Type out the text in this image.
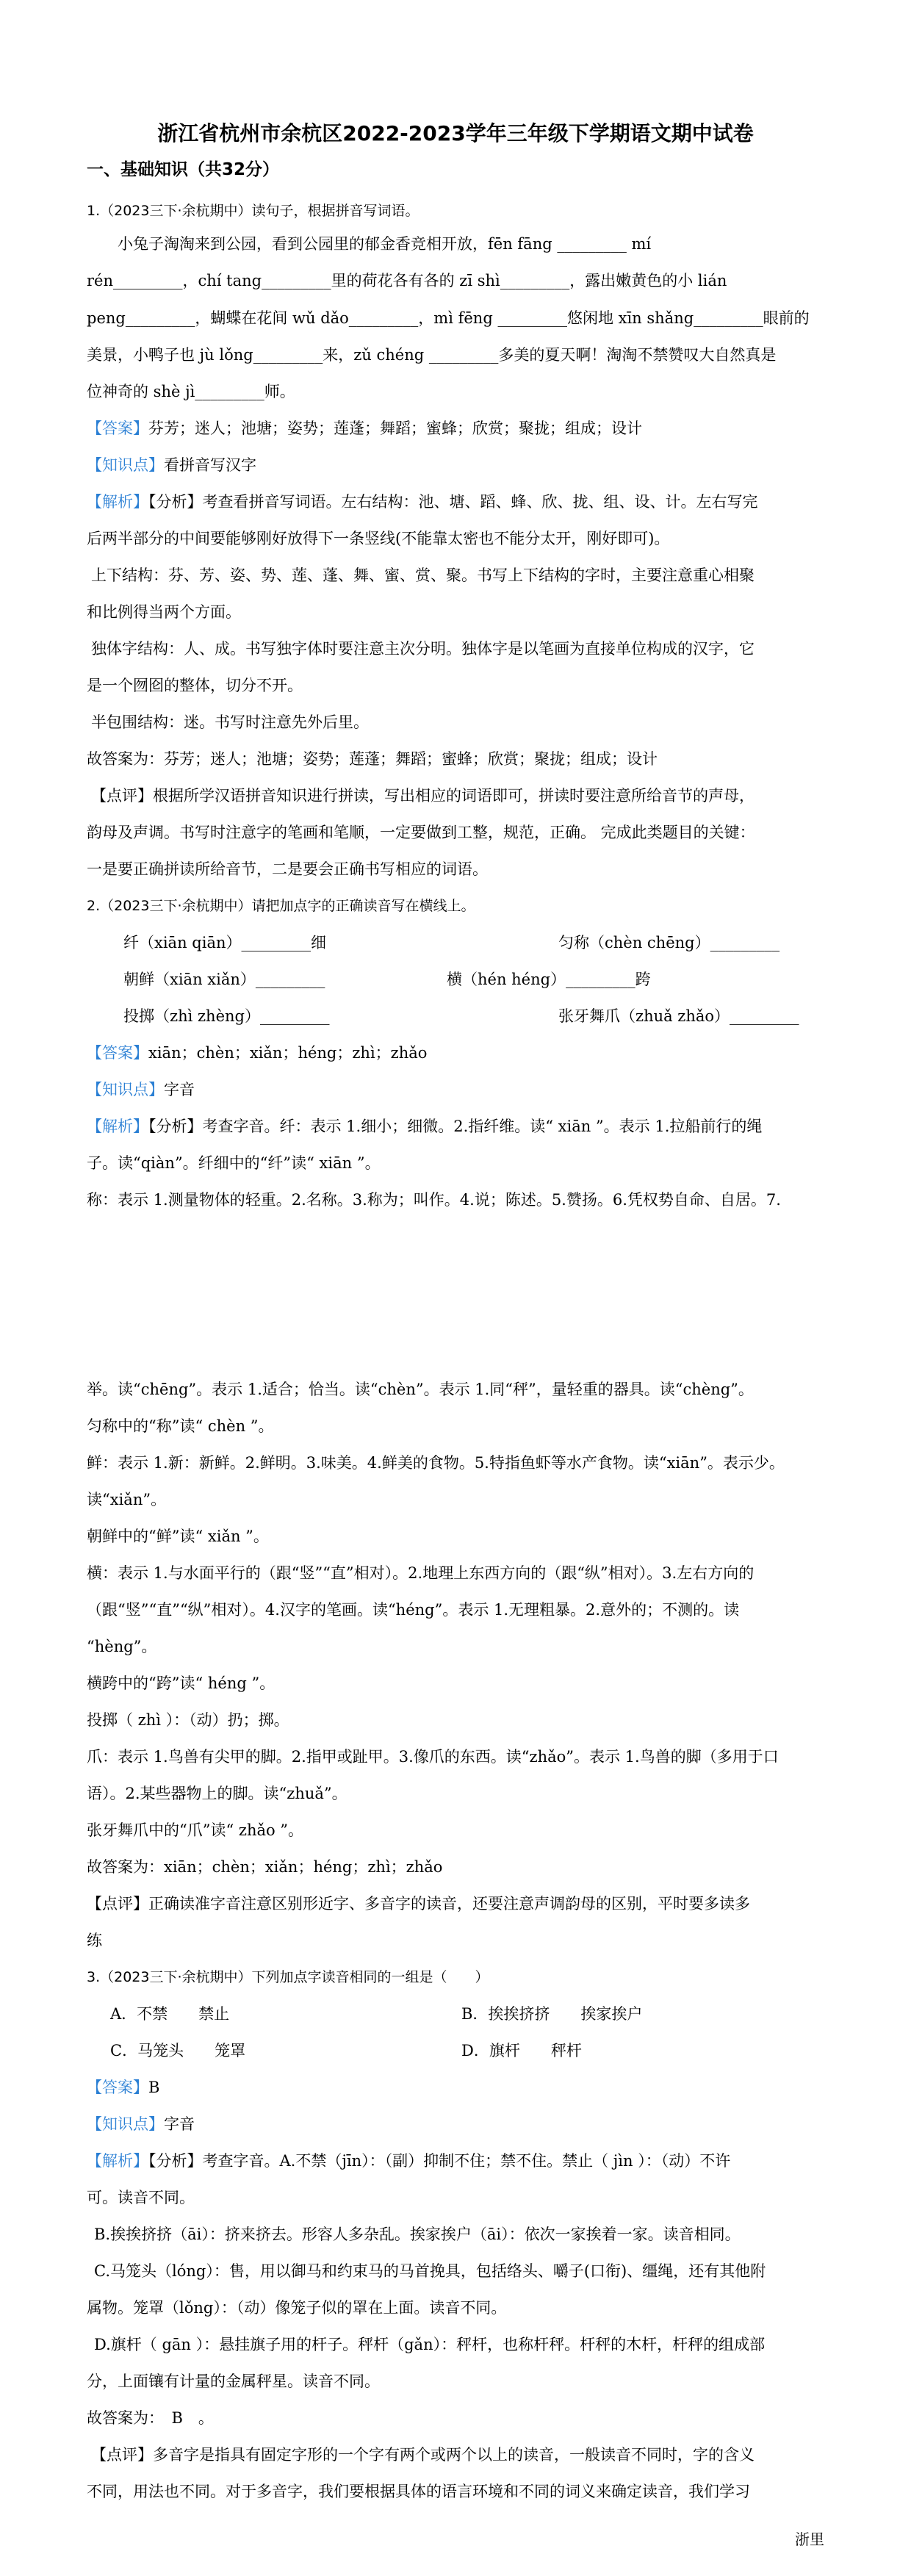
浙江省杭州市余杭区2022-2023学年三年级下学期语文期中试卷
一、基础知识（共32分）
1.（2023三下·余杭期中）读句子，根据拼音写词语。
小兔子淘淘来到公园，看到公园里的郁金香竞相开放，fēn fāng _________ mí
rén_________，chí tang_________里的荷花各有各的 zī shì_________，露出嫩黄色的小 lián
peng_________，蝴蝶在花间 wǔ dǎo_________，mì fēng _________悠闲地 xīn shǎng_________眼前的
美景，小鸭子也 jù lǒng_________来，zǔ chéng _________多美的夏天啊！淘淘不禁赞叹大自然真是
位神奇的 shè jì_________师。
【答案】芬芳；迷人；池塘；姿势；莲蓬；舞蹈；蜜蜂；欣赏；聚拢；组成；设计
【知识点】看拼音写汉字
【解析】【分析】考查看拼音写词语。左右结构：池、塘、蹈、蜂、欣、拢、组、设、计。左右写完
后两半部分的中间要能够刚好放得下一条竖线(不能靠太密也不能分太开，刚好即可)。
上下结构：芬、芳、姿、势、莲、蓬、舞、蜜、赏、聚。书写上下结构的字时，主要注意重心相聚
和比例得当两个方面。
独体字结构：人、成。书写独字体时要注意主次分明。独体字是以笔画为直接单位构成的汉字，它
是一个囫囵的整体，切分不开。
半包围结构：迷。书写时注意先外后里。
故答案为：芬芳；迷人；池塘；姿势；莲蓬；舞蹈；蜜蜂；欣赏；聚拢；组成；设计
【点评】根据所学汉语拼音知识进行拼读，写出相应的词语即可，拼读时要注意所给音节的声母，
韵母及声调。书写时注意字的笔画和笔顺，一定要做到工整，规范，正确。 完成此类题目的关键：
一是要正确拼读所给音节，二是要会正确书写相应的词语。
2.（2023三下·余杭期中）请把加点字的正确读音写在横线上。
纤（xiān qiān）_________细	匀称（chèn chēng）_________
朝鲜（xiān xiǎn）_________	横（hén héng）_________跨
投掷（zhì zhèng）_________	张牙舞爪（zhuǎ zhǎo）_________
【答案】xiān；chèn；xiǎn；héng；zhì；zhǎo
【知识点】字音
【解析】【分析】考查字音。纤：表示 1.细小；细微。2.指纤维。读“ xiān ”。表示 1.拉船前行的绳
子。读“qiàn”。纤细中的“纤”读“ xiān ”。
称：表示 1.测量物体的轻重。2.名称。3.称为；叫作。4.说；陈述。5.赞扬。6.凭权势自命、自居。7.
举。读“chēng”。表示 1.适合；恰当。读“chèn”。表示 1.同“秤”，量轻重的器具。读“chèng”。
匀称中的“称”读“ chèn ”。
鲜：表示 1.新：新鲜。2.鲜明。3.味美。4.鲜美的食物。5.特指鱼虾等水产食物。读“xiān”。表示少。
读“xiǎn”。
朝鲜中的“鲜”读“ xiǎn ”。
横：表示 1.与水面平行的（跟“竖”“直”相对）。2.地理上东西方向的（跟“纵”相对）。3.左右方向的
（跟“竖”“直”“纵”相对）。4.汉字的笔画。读“héng”。表示 1.无理粗暴。2.意外的；不测的。读
“hèng”。
横跨中的“跨”读“ héng ”。
投掷（ zhì ）：（动）扔；掷。
爪：表示 1.鸟兽有尖甲的脚。2.指甲或趾甲。3.像爪的东西。读“zhǎo”。表示 1.鸟兽的脚（多用于口
语）。2.某些器物上的脚。读“zhuǎ”。
张牙舞爪中的“爪”读“ zhǎo ”。
故答案为：xiān；chèn；xiǎn；héng；zhì；zhǎo
【点评】正确读准字音注意区别形近字、多音字的读音，还要注意声调韵母的区别，平时要多读多
练
3.（2023三下·余杭期中）下列加点字读音相同的一组是（　　）
A．不禁　　禁止	B．挨挨挤挤　　挨家挨户
C．马笼头　　笼罩	D．旗杆　　秤杆
【答案】B
【知识点】字音
【解析】【分析】考查字音。A.不禁（jīn）：（副）抑制不住；禁不住。禁止（ jìn ）：（动）不许
可。读音不同。
B.挨挨挤挤（āi）：挤来挤去。形容人多杂乱。挨家挨户（āi）：依次一家挨着一家。读音相同。
C.马笼头（lóng）：售，用以御马和约束马的马首挽具，包括络头、嚼子(口衔)、缰绳，还有其他附
属物。笼罩（lǒng）：（动）像笼子似的罩在上面。读音不同。
D.旗杆（ gān ）：悬挂旗子用的杆子。秤杆（gǎn）：秤杆，也称杆秤。杆秤的木杆，杆秤的组成部
分，上面镶有计量的金属秤星。读音不同。
故答案为：　B　。
【点评】多音字是指具有固定字形的一个字有两个或两个以上的读音，一般读音不同时，字的含义
不同，用法也不同。对于多音字，我们要根据具体的语言环境和不同的词义来确定读音，我们学习
浙里
